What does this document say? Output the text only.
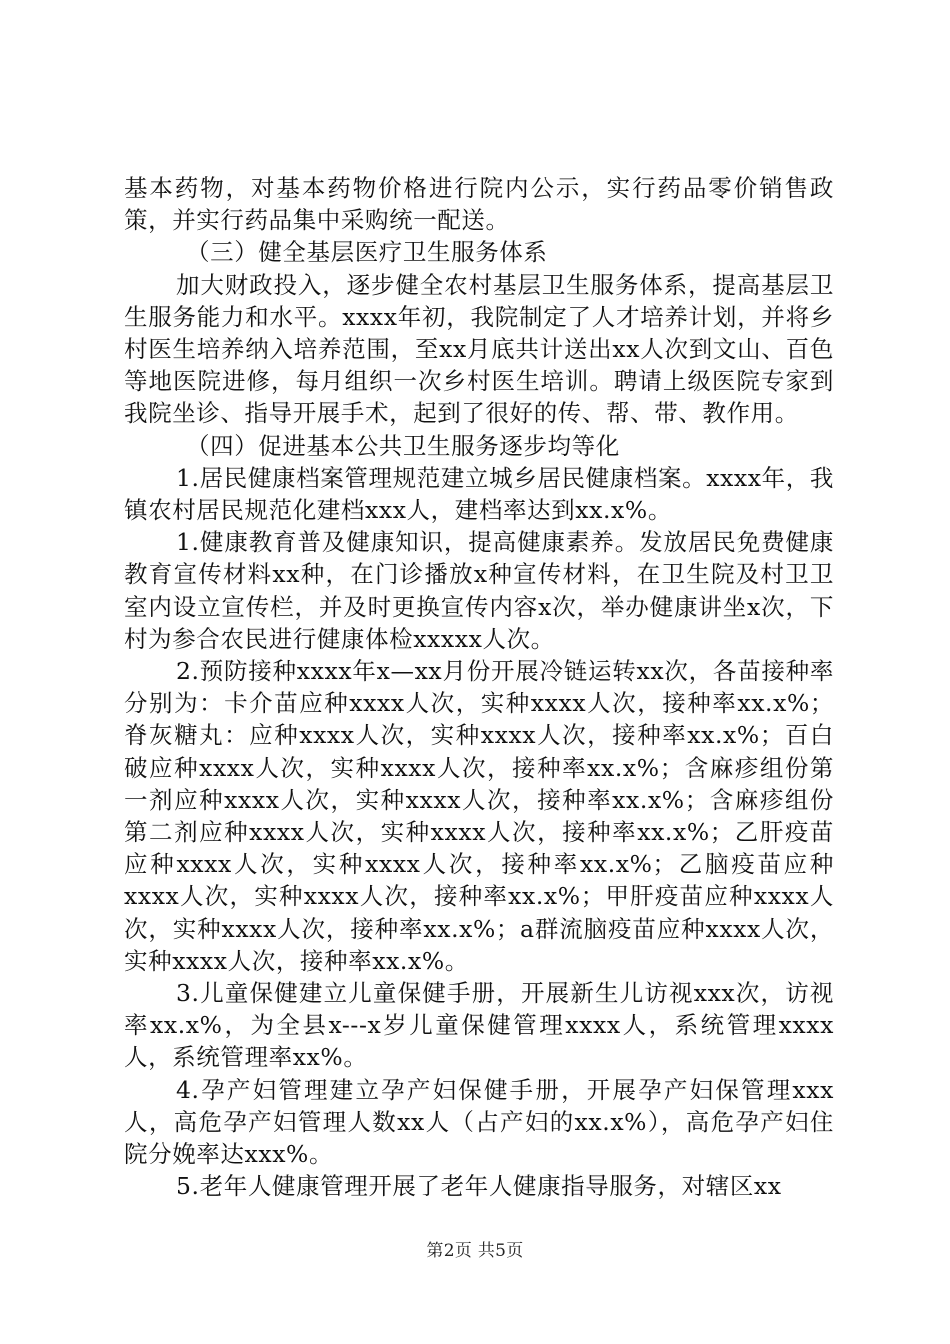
基本药物，对基本药物价格进行院内公示，实行药品零价销售政策，并实行药品集中采购统一配送。

（三）健全基层医疗卫生服务体系

加大财政投入，逐步健全农村基层卫生服务体系，提高基层卫生服务能力和水平。xxxx年初，我院制定了人才培养计划，并将乡村医生培养纳入培养范围，至xx月底共计送出xx人次到文山、百色等地医院进修，每月组织一次乡村医生培训。聘请上级医院专家到我院坐诊、指导开展手术，起到了很好的传、帮、带、教作用。

（四）促进基本公共卫生服务逐步均等化

1.居民健康档案管理规范建立城乡居民健康档案。xxxx年，我镇农村居民规范化建档xxx人，建档率达到xx.x%。

1.健康教育普及健康知识，提高健康素养。发放居民免费健康教育宣传材料xx种，在门诊播放x种宣传材料，在卫生院及村卫卫室内设立宣传栏，并及时更换宣传内容x次，举办健康讲坐x次，下村为参合农民进行健康体检xxxxx人次。

2.预防接种xxxx年x—xx月份开展冷链运转xx次，各苗接种率分别为：卡介苗应种xxxx人次，实种xxxx人次，接种率xx.x%；脊灰糖丸：应种xxxx人次，实种xxxx人次，接种率xx.x%；百白破应种xxxx人次，实种xxxx人次，接种率xx.x%；含麻疹组份第一剂应种xxxx人次，实种xxxx人次，接种率xx.x%；含麻疹组份第二剂应种xxxx人次，实种xxxx人次，接种率xx.x%；乙肝疫苗应种xxxx人次，实种xxxx人次，接种率xx.x%；乙脑疫苗应种xxxx人次，实种xxxx人次，接种率xx.x%；甲肝疫苗应种xxxx人次，实种xxxx人次，接种率xx.x%；a群流脑疫苗应种xxxx人次，实种xxxx人次，接种率xx.x%。

3.儿童保健建立儿童保健手册，开展新生儿访视xxx次，访视率xx.x%，为全县x---x岁儿童保健管理xxxx人，系统管理xxxx人，系统管理率xx%。

4.孕产妇管理建立孕产妇保健手册，开展孕产妇保管理xxx人，高危孕产妇管理人数xx人（占产妇的xx.x%），高危孕产妇住院分娩率达xxx%。

5.老年人健康管理开展了老年人健康指导服务，对辖区xx

第2页 共5页
